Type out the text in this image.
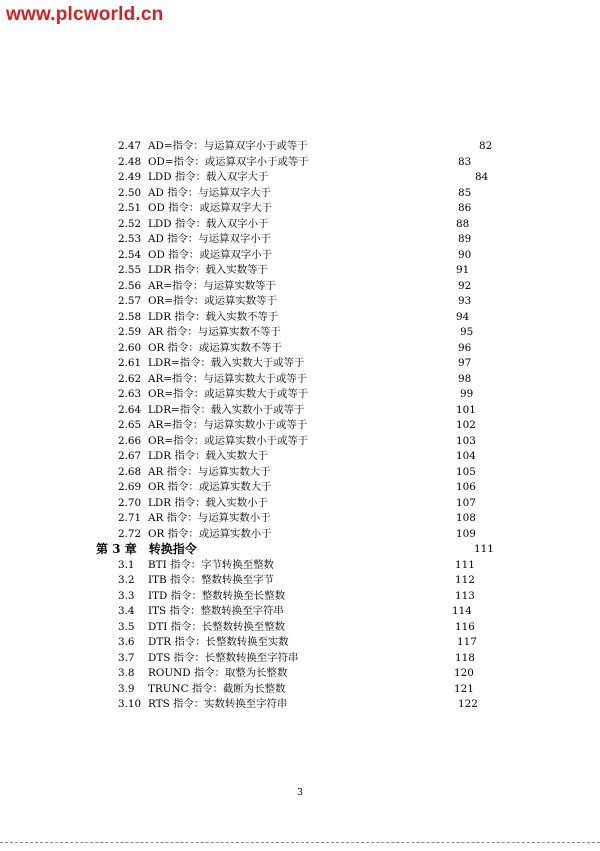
www.plcworld.cn
2.47 AD=指令：与运算双字小于或等于	82
2.48 OD=指令：或运算双字小于或等于	83
2.49 LDD 指令：载入双字大于	84
2.50 AD 指令：与运算双字大于	85
2.51 OD 指令：或运算双字大于	86
2.52 LDD 指令：载入双字小于	88
2.53 AD 指令：与运算双字小于	89
2.54 OD 指令：或运算双字小于	90
2.55 LDR 指令：载入实数等于	91
2.56 AR=指令：与运算实数等于	92
2.57 OR=指令：或运算实数等于	93
2.58 LDR 指令：载入实数不等于	94
2.59 AR 指令：与运算实数不等于	95
2.60 OR 指令：或运算实数不等于	96
2.61 LDR=指令：载入实数大于或等于	97
2.62 AR=指令：与运算实数大于或等于	98
2.63 OR=指令：或运算实数大于或等于	99
2.64 LDR=指令：载入实数小于或等于	101
2.65 AR=指令：与运算实数小于或等于	102
2.66 OR=指令：或运算实数小于或等于	103
2.67 LDR 指令：载入实数大于	104
2.68 AR 指令：与运算实数大于	105
2.69 OR 指令：或运算实数大于	106
2.70 LDR 指令：载入实数小于	107
2.71 AR 指令：与运算实数小于	108
2.72 OR 指令：或运算实数小于	109
第 3 章　转换指令	111
3.1 BTI 指令：字节转换至整数	111
3.2 ITB 指令：整数转换至字节	112
3.3 ITD 指令：整数转换至长整数	113
3.4 ITS 指令：整数转换至字符串	114
3.5 DTI 指令：长整数转换至整数	116
3.6 DTR 指令：长整数转换至实数	117
3.7 DTS 指令：长整数转换至字符串	118
3.8 ROUND 指令：取整为长整数	120
3.9 TRUNC 指令：截断为长整数	121
3.10 RTS 指令：实数转换至字符串	122
3
